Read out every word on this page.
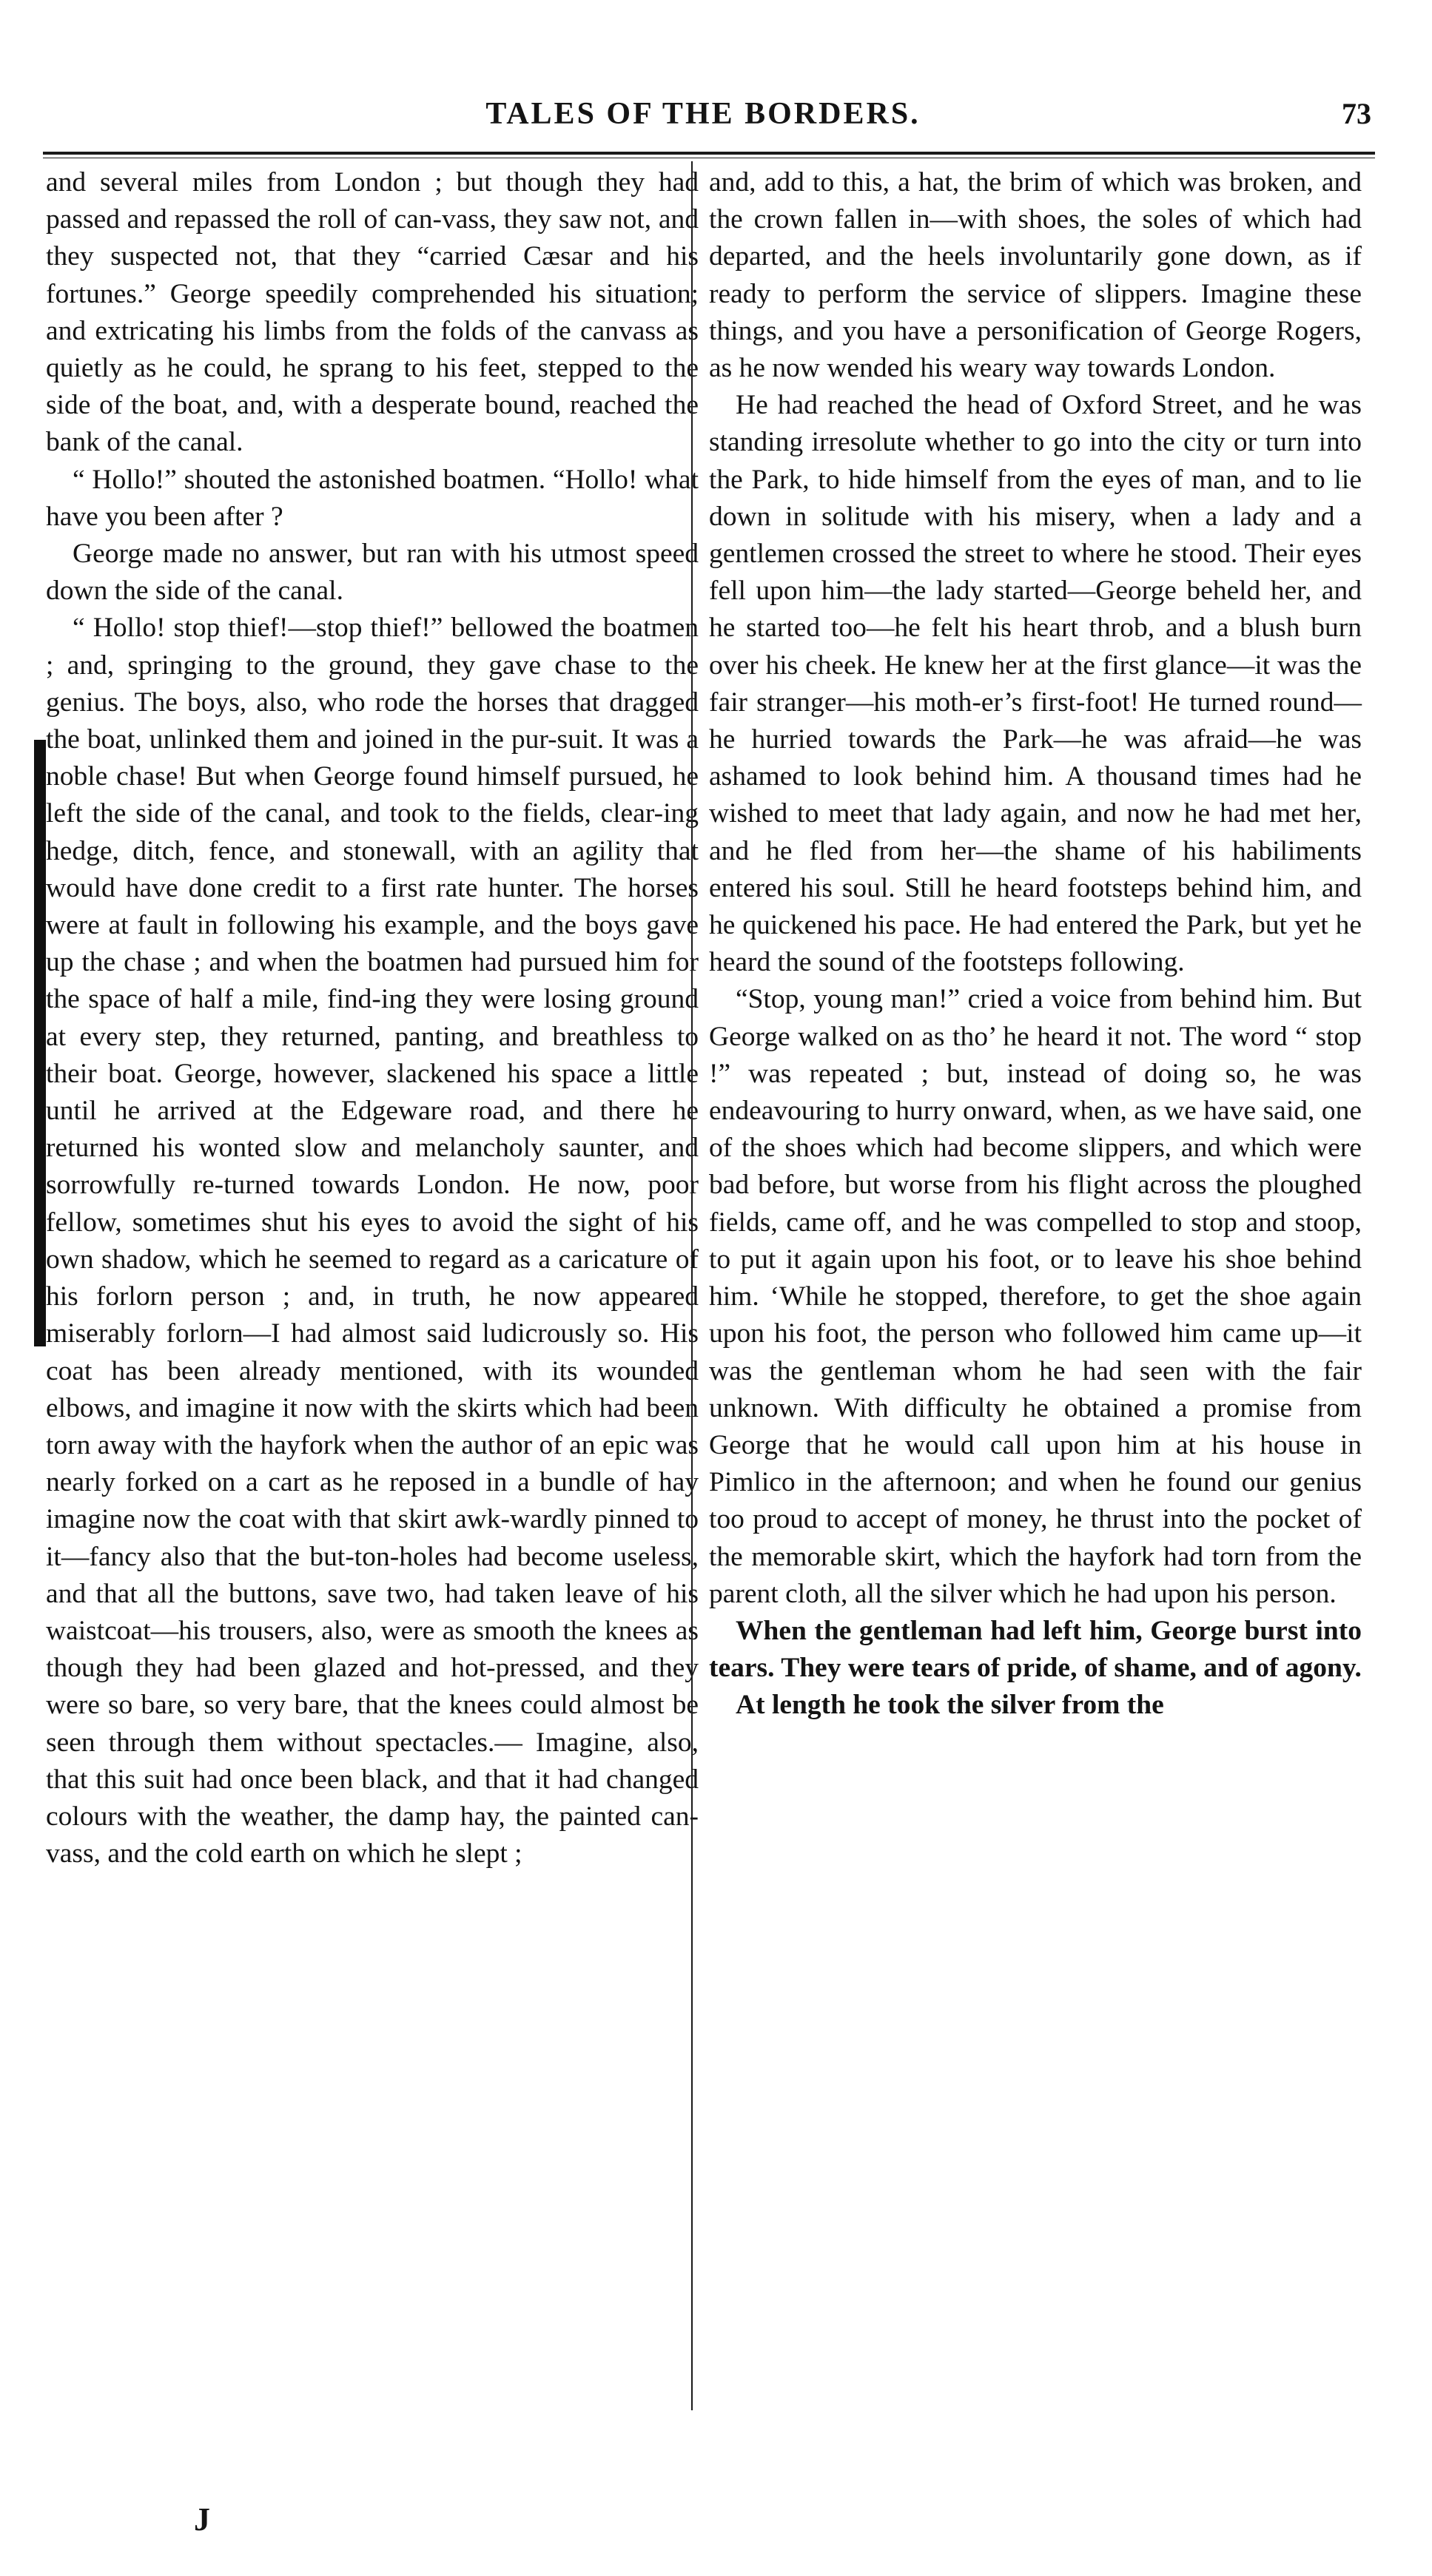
TALES OF THE BORDERS.	73

and several miles from London ; but though they had passed and repassed the roll of can-vass, they saw not, and they suspected not, that they “carried Cæsar and his fortunes.” George speedily comprehended his situation; and extricating his limbs from the folds of the canvass as quietly as he could, he sprang to his feet, stepped to the side of the boat, and, with a desperate bound, reached the bank of the canal.

“ Hollo!” shouted the astonished boatmen. “Hollo! what have you been after ?

George made no answer, but ran with his utmost speed down the side of the canal.

“ Hollo! stop thief!—stop thief!” bellowed the boatmen ; and, springing to the ground, they gave chase to the genius. The boys, also, who rode the horses that dragged the boat, unlinked them and joined in the pur-suit. It was a noble chase! But when George found himself pursued, he left the side of the canal, and took to the fields, clear-ing hedge, ditch, fence, and stonewall, with an agility that would have done credit to a first rate hunter. The horses were at fault in following his example, and the boys gave up the chase ; and when the boatmen had pursued him for the space of half a mile, find-ing they were losing ground at every step, they returned, panting, and breathless to their boat. George, however, slackened his space a little until he arrived at the Edgeware road, and there he returned his wonted slow and melancholy saunter, and sorrowfully re-turned towards London. He now, poor fellow, sometimes shut his eyes to avoid the sight of his own shadow, which he seemed to regard as a caricature of his forlorn person ; and, in truth, he now appeared miserably forlorn—I had almost said ludicrously so. His coat has been already mentioned, with its wounded elbows, and imagine it now with the skirts which had been torn away with the hayfork when the author of an epic was nearly forked on a cart as he reposed in a bundle of hay imagine now the coat with that skirt awk-wardly pinned to it—fancy also that the but-ton-holes had become useless, and that all the buttons, save two, had taken leave of his waistcoat—his trousers, also, were as smooth the knees as though they had been glazed and hot-pressed, and they were so bare, so very bare, that the knees could almost be seen through them without spectacles.— Imagine, also, that this suit had once been black, and that it had changed colours with the weather, the damp hay, the painted can-vass, and the cold earth on which he slept ;

and, add to this, a hat, the brim of which was broken, and the crown fallen in—with shoes, the soles of which had departed, and the heels involuntarily gone down, as if ready to perform the service of slippers. Imagine these things, and you have a personification of George Rogers, as he now wended his weary way towards London.

He had reached the head of Oxford Street, and he was standing irresolute whether to go into the city or turn into the Park, to hide himself from the eyes of man, and to lie down in solitude with his misery, when a lady and a gentlemen crossed the street to where he stood. Their eyes fell upon him—the lady started—George beheld her, and he started too—he felt his heart throb, and a blush burn over his cheek. He knew her at the first glance—it was the fair stranger—his moth-er’s first-foot! He turned round—he hurried towards the Park—he was afraid—he was ashamed to look behind him. A thousand times had he wished to meet that lady again, and now he had met her, and he fled from her—the shame of his habiliments entered his soul. Still he heard footsteps behind him, and he quickened his pace. He had entered the Park, but yet he heard the sound of the footsteps following.

“Stop, young man!” cried a voice from behind him. But George walked on as tho’ he heard it not. The word “ stop !” was repeated ; but, instead of doing so, he was endeavouring to hurry onward, when, as we have said, one of the shoes which had become slippers, and which were bad before, but worse from his flight across the ploughed fields, came off, and he was compelled to stop and stoop, to put it again upon his foot, or to leave his shoe behind him. ‘While he stopped, therefore, to get the shoe again upon his foot, the person who followed him came up—it was the gentleman whom he had seen with the fair unknown. With difficulty he obtained a promise from George that he would call upon him at his house in Pimlico in the afternoon; and when he found our genius too proud to accept of money, he thrust into the pocket of the memorable skirt, which the hayfork had torn from the parent cloth, all the silver which he had upon his person.

When the gentleman had left him, George burst into tears. They were tears of pride, of shame, and of agony.

At length he took the silver from the

J
